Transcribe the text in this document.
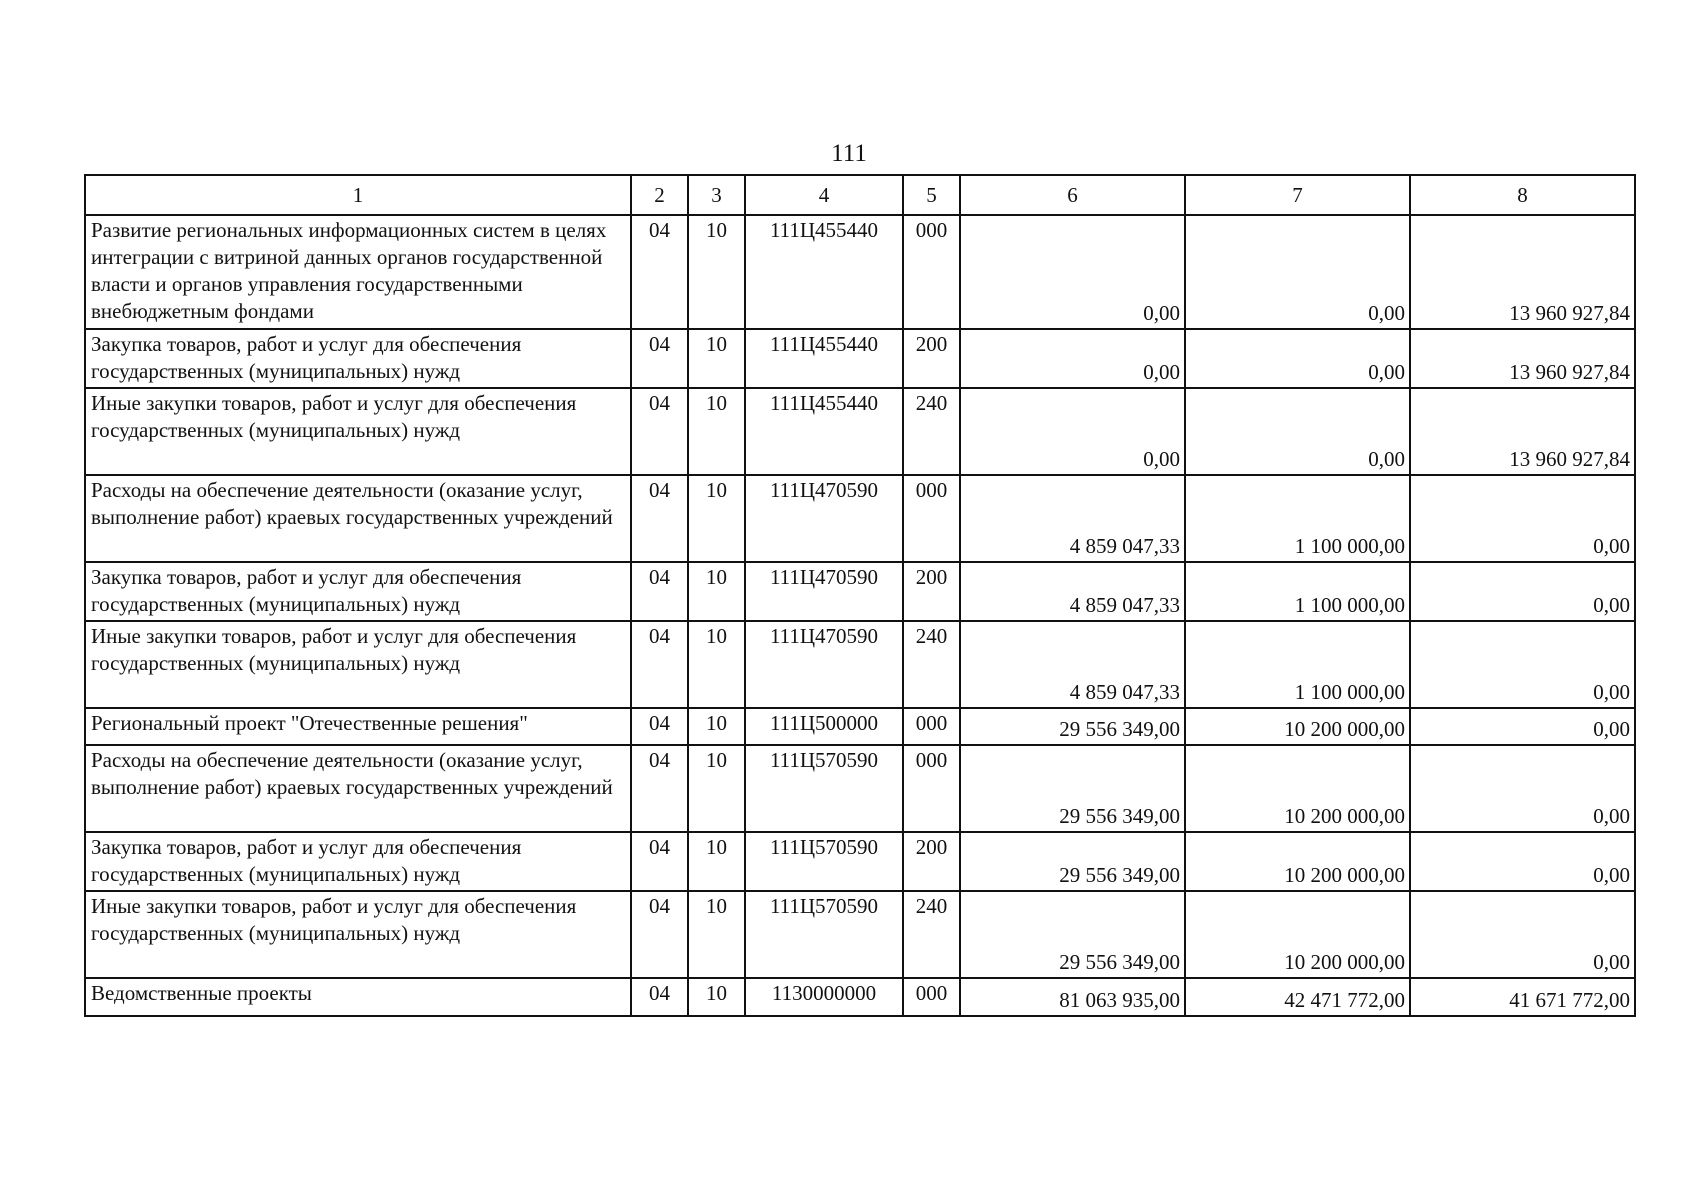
111
1	2	3	4	5	6	7	8
Развитие региональных информационных систем в целях интеграции с витриной данных органов государственной власти и органов управления государственными внебюджетным фондами	04	10	111Ц455440	000	0,00	0,00	13 960 927,84
Закупка товаров, работ и услуг для обеспечения государственных (муниципальных) нужд	04	10	111Ц455440	200	0,00	0,00	13 960 927,84
Иные закупки товаров, работ и услуг для обеспечения государственных (муниципальных) нужд	04	10	111Ц455440	240	0,00	0,00	13 960 927,84
Расходы на обеспечение деятельности (оказание услуг, выполнение работ) краевых государственных учреждений	04	10	111Ц470590	000	4 859 047,33	1 100 000,00	0,00
Закупка товаров, работ и услуг для обеспечения государственных (муниципальных) нужд	04	10	111Ц470590	200	4 859 047,33	1 100 000,00	0,00
Иные закупки товаров, работ и услуг для обеспечения государственных (муниципальных) нужд	04	10	111Ц470590	240	4 859 047,33	1 100 000,00	0,00
Региональный проект "Отечественные решения"	04	10	111Ц500000	000	29 556 349,00	10 200 000,00	0,00
Расходы на обеспечение деятельности (оказание услуг, выполнение работ) краевых государственных учреждений	04	10	111Ц570590	000	29 556 349,00	10 200 000,00	0,00
Закупка товаров, работ и услуг для обеспечения государственных (муниципальных) нужд	04	10	111Ц570590	200	29 556 349,00	10 200 000,00	0,00
Иные закупки товаров, работ и услуг для обеспечения государственных (муниципальных) нужд	04	10	111Ц570590	240	29 556 349,00	10 200 000,00	0,00
Ведомственные проекты	04	10	1130000000	000	81 063 935,00	42 471 772,00	41 671 772,00
